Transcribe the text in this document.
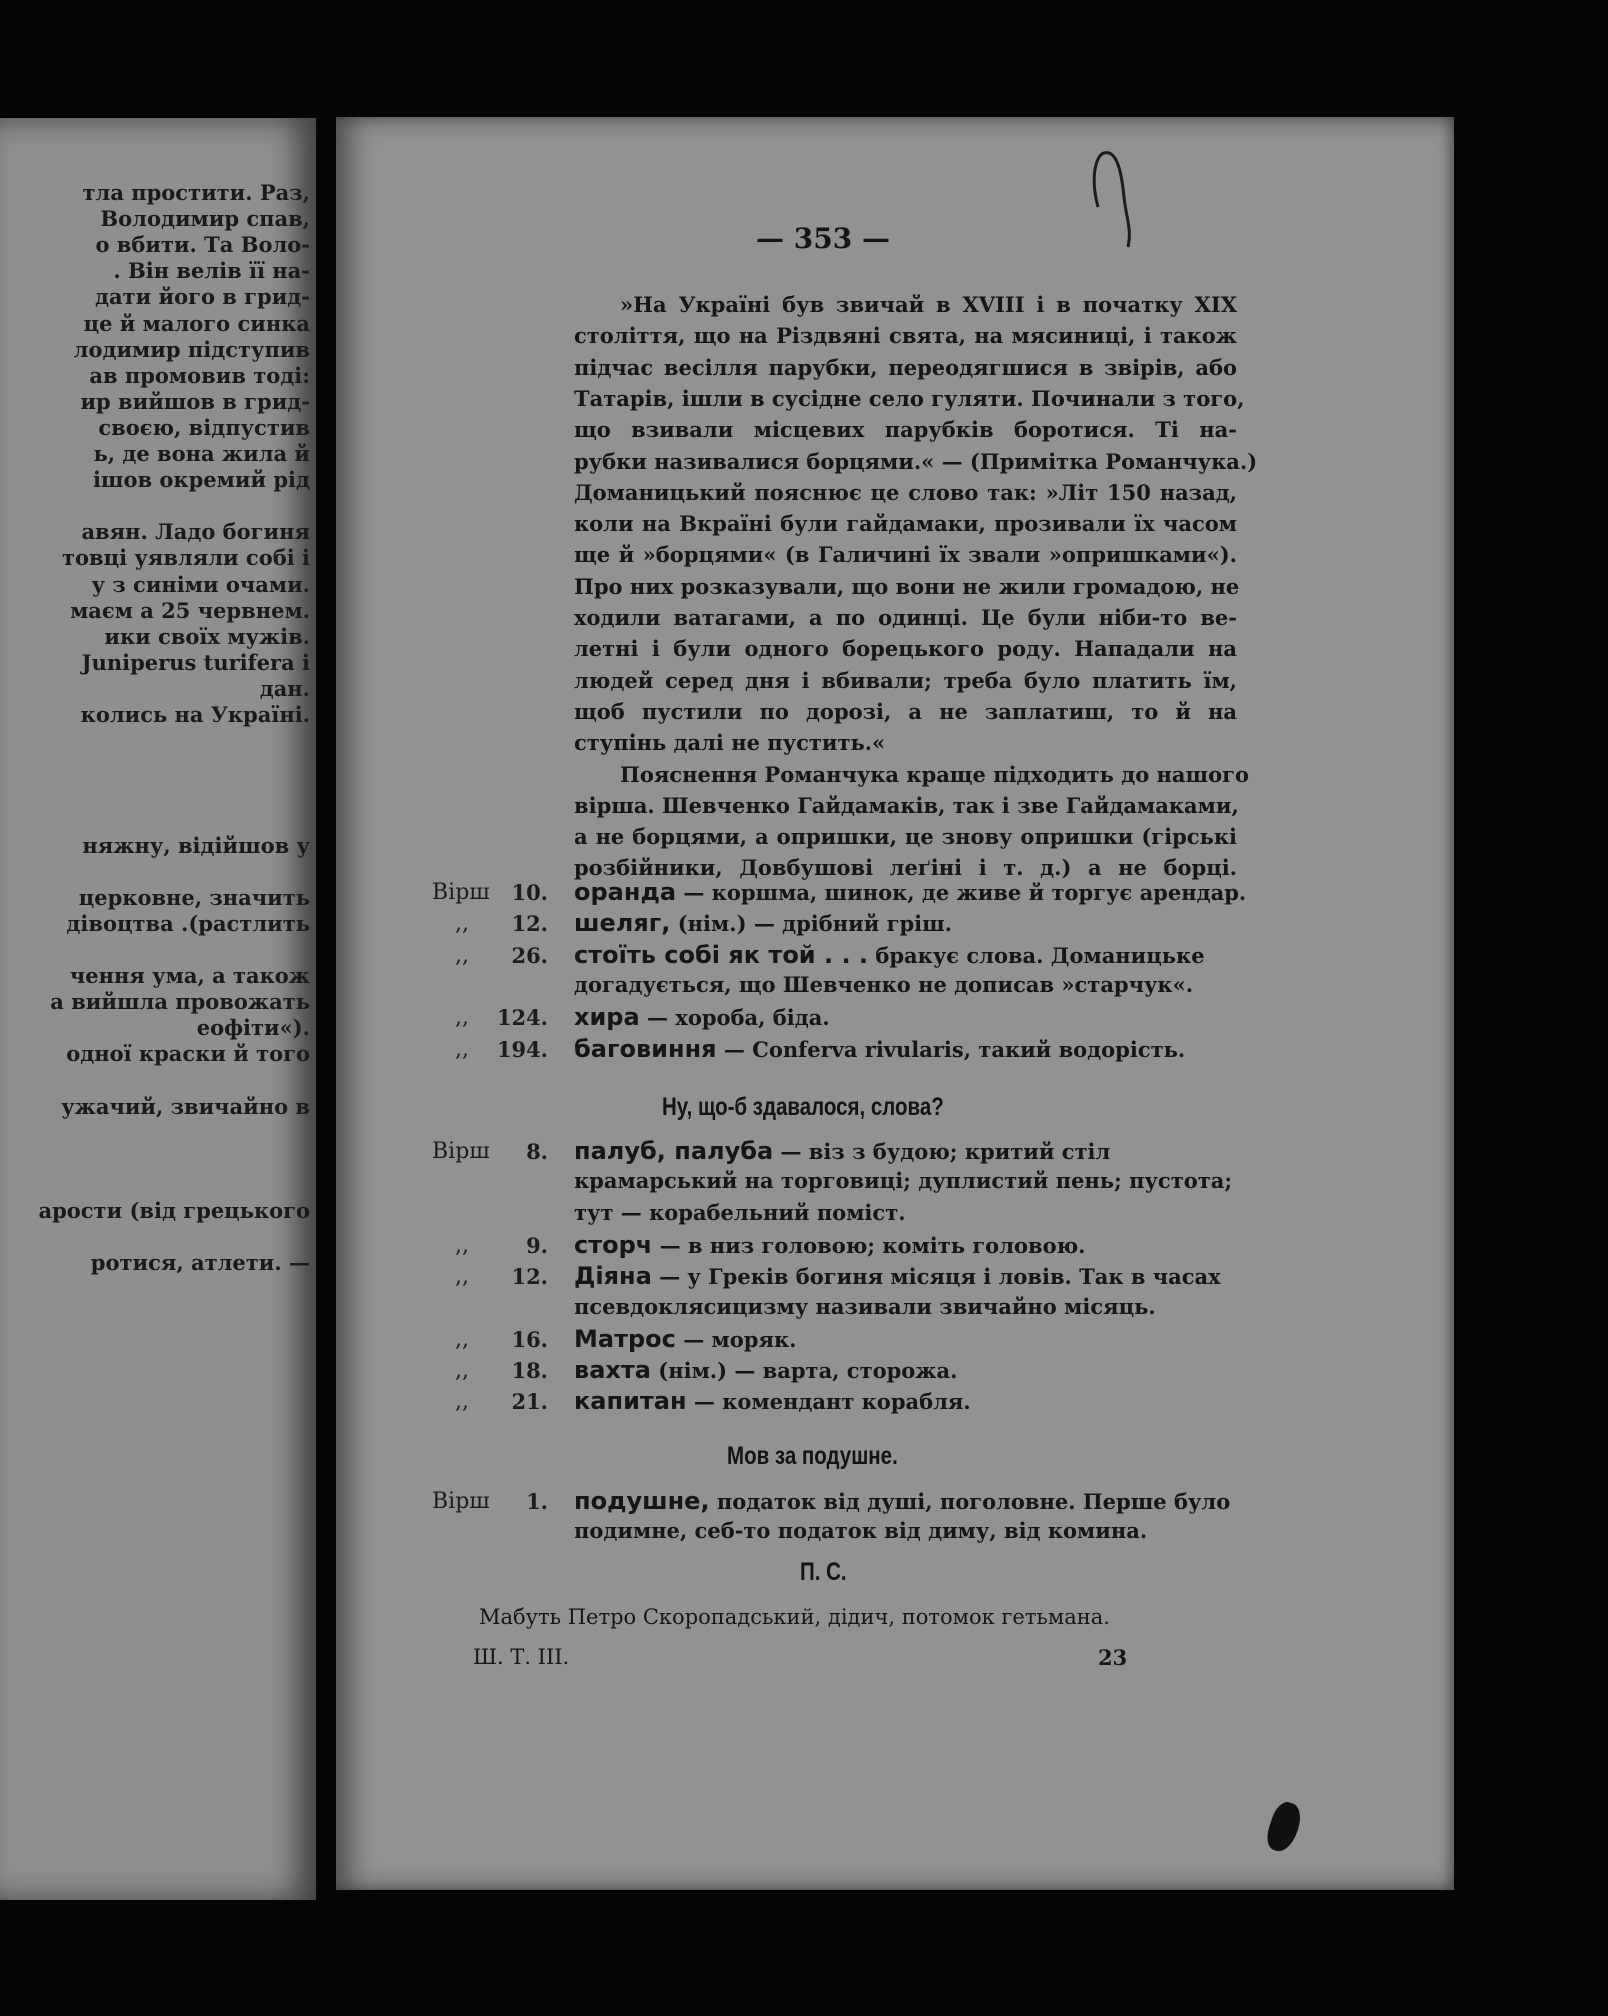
тла простити. Раз,
Володимир спав,
о вбити. Та Воло-
. Він велів її на-
дати його в грид-
це й малого синка
лодимир підступив
ав промовив тоді:
ир вийшов в грид-
своєю, відпустив
ь, де вона жила й
ішов окремий рід
авян. Ладо богиня
товці уявляли собі і
у з синіми очами.
маєм а 25 червнем.
ики своїх мужів.
Juniperus turifera і
дан.
колись на Україні.
няжну, відійшов у
церковне, значить
дівоцтва .(растлить
чення ума, а також
а вийшла провожать
еофіти«).
одної краски й того
ужачий, звичайно в
арости (від грецького
ротися, атлети. —
— 353 —
»На Україні був звичай в XVIII і в початку XIX
століття, що на Різдвяні свята, на мясиниці, і також
підчас весілля парубки, переодягшися в звірів, або
Татарів, ішли в сусідне село гуляти. Починали з того,
що взивали місцевих парубків боротися. Ті на-
рубки називалися борцями.« — (Примітка Романчука.)
Доманицький пояснює це слово так: »Літ 150 назад,
коли на Вкраїні були гайдамаки, прозивали їх часом
ще й »борцями« (в Галичині їх звали »опришками«).
Про них розказували, що вони не жили громадою, не
ходили ватагами, а по одинці. Це були ніби-то ве-
летні і були одного борецького роду. Нападали на
людей серед дня і вбивали; треба було платить їм,
щоб пустили по дорозі, а не заплатиш, то й на
ступінь далі не пустить.«
Пояснення Романчука краще підходить до нашого
вірша. Шевченко Гайдамаків, так і зве Гайдамаками,
а не борцями, а опришки, це знову опришки (гірські
розбійники, Довбушові леґіні і т. д.) а не борці.
Вірш	10. оранда — коршма, шинок, де живе й торгує арендар.
,,	12. шеляг, (нім.) — дрібний гріш.
,,	26. стоїть собі як той . . . бракує слова. Доманицьке
догадується, що Шевченко не дописав »старчук«.
,,	124. хира — хороба, біда.
,,	194. баговиння — Conferva rivularis, такий водорість.
Ну, що-б здавалося, слова?
Вірш	8. палуб, палуба — віз з будою; критий стіл
крамарський на торговиці; дуплистий пень; пустота;
тут — корабельний поміст.
,,	9. сторч — в низ головою; коміть головою.
,,	12. Діяна — у Греків богиня місяця і ловів. Так в часах
псевдоклясицизму називали звичайно місяць.
,,	16. Матрос — моряк.
,,	18. вахта (нім.) — варта, сторожа.
,,	21. капитан — комендант корабля.
Мов за подушне.
Вірш	1. подушне, податок від душі, поголовне. Перше було
подимне, себ-то податок від диму, від комина.
П. С.
Мабуть Петро Скоропадський, дідич, потомок гетьмана.
Ш. Т. III.	23
